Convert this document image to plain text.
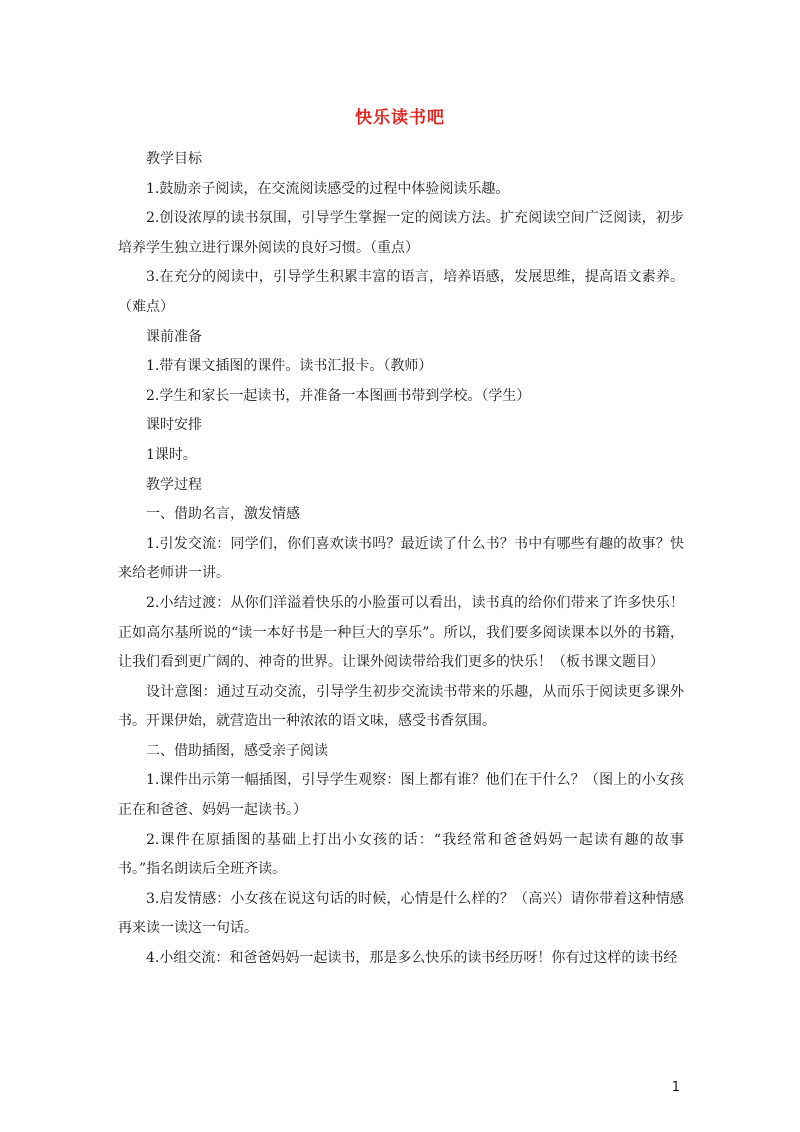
快乐读书吧

教学目标

1.鼓励亲子阅读，在交流阅读感受的过程中体验阅读乐趣。

2.创设浓厚的读书氛围，引导学生掌握一定的阅读方法。扩充阅读空间广泛阅读，初步培养学生独立进行课外阅读的良好习惯。（重点）

3.在充分的阅读中，引导学生积累丰富的语言，培养语感，发展思维，提高语文素养。（难点）

课前准备

1.带有课文插图的课件。读书汇报卡。（教师）

2.学生和家长一起读书，并准备一本图画书带到学校。（学生）

课时安排

1课时。

教学过程

一、借助名言，激发情感

1.引发交流：同学们，你们喜欢读书吗？最近读了什么书？书中有哪些有趣的故事？快来给老师讲一讲。

2.小结过渡：从你们洋溢着快乐的小脸蛋可以看出，读书真的给你们带来了许多快乐！正如高尔基所说的“读一本好书是一种巨大的享乐”。所以，我们要多阅读课本以外的书籍，让我们看到更广阔的、神奇的世界。让课外阅读带给我们更多的快乐！（板书课文题目）

设计意图：通过互动交流，引导学生初步交流读书带来的乐趣，从而乐于阅读更多课外书。开课伊始，就营造出一种浓浓的语文味，感受书香氛围。

二、借助插图，感受亲子阅读

1.课件出示第一幅插图，引导学生观察：图上都有谁？他们在干什么？（图上的小女孩正在和爸爸、妈妈一起读书。）

2.课件在原插图的基础上打出小女孩的话：“我经常和爸爸妈妈一起读有趣的故事书。”指名朗读后全班齐读。

3.启发情感：小女孩在说这句话的时候，心情是什么样的？（高兴）请你带着这种情感再来读一读这一句话。

4.小组交流：和爸爸妈妈一起读书，那是多么快乐的读书经历呀！你有过这样的读书经

1
